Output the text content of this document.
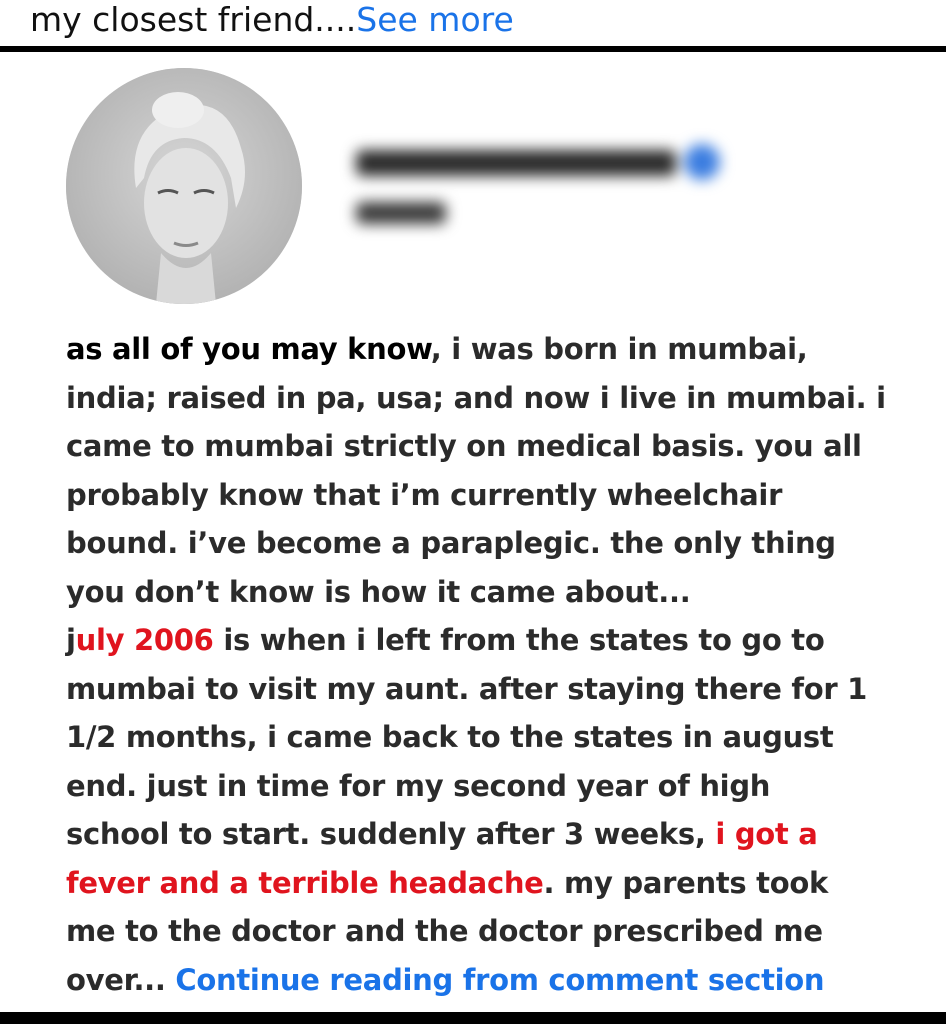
my closest friend....See more
as all of you may know, i was born in mumbai,
india; raised in pa, usa; and now i live in mumbai. i
came to mumbai strictly on medical basis. you all
probably know that i’m currently wheelchair
bound. i’ve become a paraplegic. the only thing
you don’t know is how it came about...
july 2006 is when i left from the states to go to
mumbai to visit my aunt. after staying there for 1
1/2 months, i came back to the states in august
end. just in time for my second year of high
school to start. suddenly after 3 weeks, i got a
fever and a terrible headache. my parents took
me to the doctor and the doctor prescribed me
over... Continue reading from comment section
